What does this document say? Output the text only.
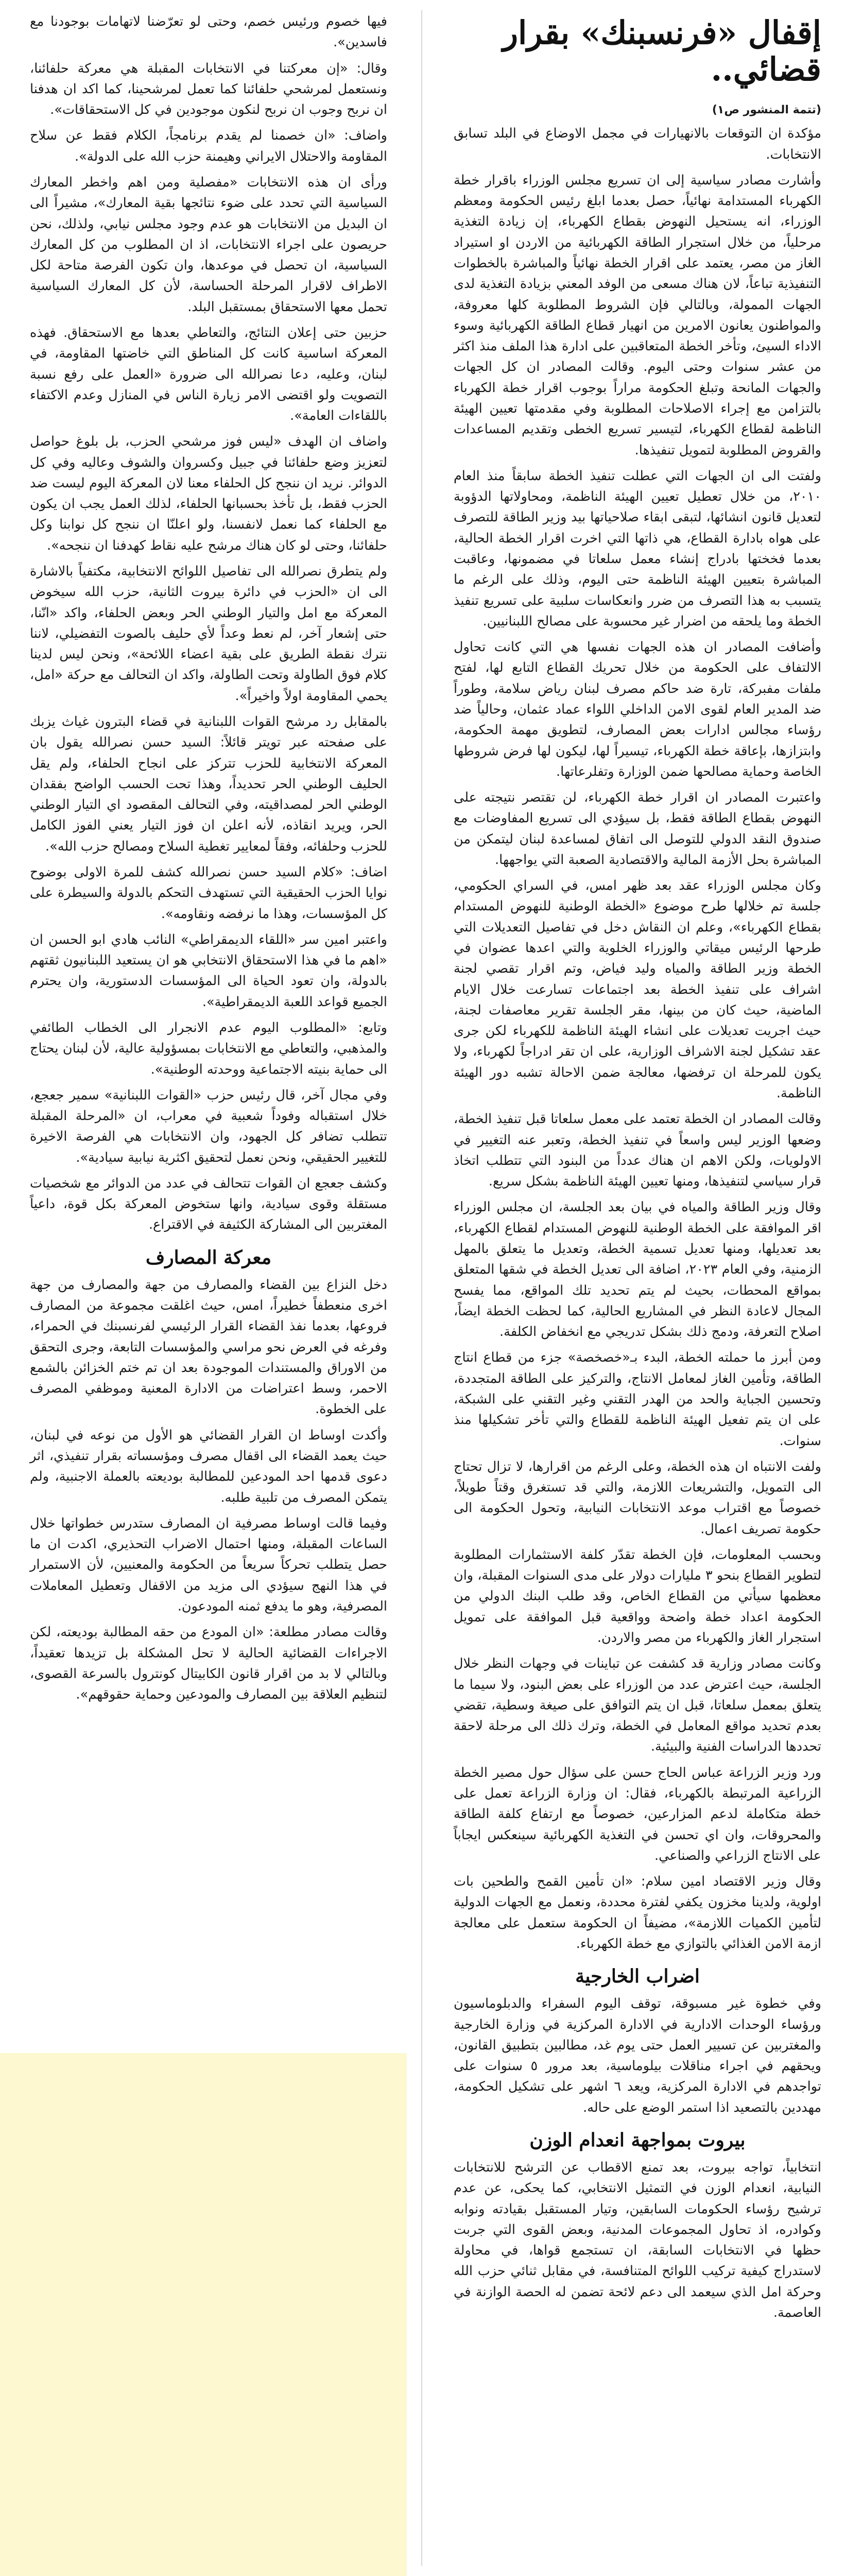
إقفال «فرنسبنك» بقرار قضائي..

(تتمة المنشور ص١)

مؤكدة ان التوقعات بالانهيارات في مجمل الاوضاع في البلد تسابق الانتخابات.

وأشارت مصادر سياسية إلى ان تسريع مجلس الوزراء باقرار خطة الكهرباء المستدامة نهائياً، حصل بعدما ابلغ رئيس الحكومة ومعظم الوزراء، انه يستحيل النهوض بقطاع الكهرباء، إن زيادة التغذية مرحلياً، من خلال استجرار الطاقة الكهربائية من الاردن او استيراد الغاز من مصر، يعتمد على اقرار الخطة نهائياً والمباشرة بالخطوات التنفيذية تباعاً، لان هناك مسعى من الوفد المعني بزيادة التغذية لدى الجهات الممولة، وبالتالي فإن الشروط المطلوبة كلها معروفة، والمواطنون يعانون الامرين من انهيار قطاع الطاقة الكهربائية وسوء الاداء السيئ، وتأخر الخطة المتعاقبين على ادارة هذا الملف منذ اكثر من عشر سنوات وحتى اليوم. وقالت المصادر ان كل الجهات والجهات المانحة وتبلغ الحكومة مراراً بوجوب اقرار خطة الكهرباء بالتزامن مع إجراء الاصلاحات المطلوبة وفي مقدمتها تعيين الهيئة الناظمة لقطاع الكهرباء، لتيسير تسريع الخطى وتقديم المساعدات والقروض المطلوبة لتمويل تنفيذها.

ولفتت الى ان الجهات التي عطلت تنفيذ الخطة سابقاً منذ العام ٢٠١٠، من خلال تعطيل تعيين الهيئة الناظمة، ومحاولاتها الدؤوبة لتعديل قانون انشائها، لتبقى ابقاء صلاحياتها بيد وزير الطاقة للتصرف على هواه بادارة القطاع، هي ذاتها التي اخرت اقرار الخطة الحالية، بعدما فخختها بادراج إنشاء معمل سلعاتا في مضمونها، وعاقبت المباشرة بتعيين الهيئة الناظمة حتى اليوم، وذلك على الرغم ما يتسبب به هذا التصرف من ضرر وانعكاسات سلبية على تسريع تنفيذ الخطة وما يلحقه من اضرار غير محسوبة على مصالح اللبنانيين.

وأضافت المصادر ان هذه الجهات نفسها هي التي كانت تحاول الالتفاف على الحكومة من خلال تحريك القطاع التابع لها، لفتح ملفات مفبركة، تارة ضد حاكم مصرف لبنان رياض سلامة، وطوراً ضد المدير العام لقوى الامن الداخلي اللواء عماد عثمان، وحالياً ضد رؤساء مجالس ادارات بعض المصارف، لتطويق مهمة الحكومة، وابتزازها، بإعاقة خطة الكهرباء، تيسيراً لها، ليكون لها فرض شروطها الخاصة وحماية مصالحها ضمن الوزارة وتفلرعاتها.

واعتبرت المصادر ان اقرار خطة الكهرباء، لن تقتصر نتيجته على النهوض بقطاع الطاقة فقط، بل سيؤدي الى تسريع المفاوضات مع صندوق النقد الدولي للتوصل الى اتفاق لمساعدة لبنان ليتمكن من المباشرة بحل الأزمة المالية والاقتصادية الصعبة التي يواجهها.

وكان مجلس الوزراء عقد بعد ظهر امس، في السراي الحكومي، جلسة تم خلالها طرح موضوع «الخطة الوطنية للنهوض المستدام بقطاع الكهرباء»، وعلم ان النقاش دخل في تفاصيل التعديلات التي طرحها الرئيس ميقاتي والوزراء الخلوية والتي اعدها عضوان في الخطة وزير الطاقة والمياه وليد فياض، وتم اقرار تقصي لجنة اشراف على تنفيذ الخطة بعد اجتماعات تسارعت خلال الايام الماضية، حيث كان من بينها، مقر الجلسة تقرير معاصفات لجنة، حيث اجريت تعديلات على انشاء الهيئة الناظمة للكهرباء لكن جرى عقد تشكيل لجنة الاشراف الوزارية، على ان تقر ادراجاً لكهرباء، ولا يكون للمرحلة ان ترفضها، معالجة ضمن الاحالة تشبه دور الهيئة الناظمة.

وقالت المصادر ان الخطة تعتمد على معمل سلعاتا قبل تنفيذ الخطة، وضعها الوزير ليس واسعاً في تنفيذ الخطة، وتعبر عنه التغيير في الاولويات، ولكن الاهم ان هناك عدداً من البنود التي تتطلب اتخاذ قرار سياسي لتنفيذها، ومنها تعيين الهيئة الناظمة بشكل سريع.

وقال وزير الطاقة والمياه في بيان بعد الجلسة، ان مجلس الوزراء اقر الموافقة على الخطة الوطنية للنهوض المستدام لقطاع الكهرباء، بعد تعديلها، ومنها تعديل تسمية الخطة، وتعديل ما يتعلق بالمهل الزمنية، وفي العام ٢٠٢٣، اضافة الى تعديل الخطة في شقها المتعلق بمواقع المحطات، بحيث لم يتم تحديد تلك المواقع، مما يفسح المجال لاعادة النظر في المشاريع الحالية، كما لحظت الخطة ايضاً، اصلاح التعرفة، ودمج ذلك بشكل تدريجي مع انخفاض الكلفة.

ومن أبرز ما حملته الخطة، البدء بـ«خصخصة» جزء من قطاع انتاج الطاقة، وتأمين الغاز لمعامل الانتاج، والتركيز على الطاقة المتجددة، وتحسين الجباية والحد من الهدر التقني وغير التقني على الشبكة، على ان يتم تفعيل الهيئة الناظمة للقطاع والتي تأخر تشكيلها منذ سنوات.

ولفت الانتباه ان هذه الخطة، وعلى الرغم من اقرارها، لا تزال تحتاج الى التمويل، والتشريعات اللازمة، والتي قد تستغرق وقتاً طويلاً، خصوصاً مع اقتراب موعد الانتخابات النيابية، وتحول الحكومة الى حكومة تصريف اعمال.

وبحسب المعلومات، فإن الخطة تقدّر كلفة الاستثمارات المطلوبة لتطوير القطاع بنحو ٣ مليارات دولار على مدى السنوات المقبلة، وان معظمها سيأتي من القطاع الخاص، وقد طلب البنك الدولي من الحكومة اعداد خطة واضحة وواقعية قبل الموافقة على تمويل استجرار الغاز والكهرباء من مصر والاردن.

وكانت مصادر وزارية قد كشفت عن تباينات في وجهات النظر خلال الجلسة، حيث اعترض عدد من الوزراء على بعض البنود، ولا سيما ما يتعلق بمعمل سلعاتا، قبل ان يتم التوافق على صيغة وسطية، تقضي بعدم تحديد مواقع المعامل في الخطة، وترك ذلك الى مرحلة لاحقة تحددها الدراسات الفنية والبيئية.

ورد وزير الزراعة عباس الحاج حسن على سؤال حول مصير الخطة الزراعية المرتبطة بالكهرباء، فقال: ان وزارة الزراعة تعمل على خطة متكاملة لدعم المزارعين، خصوصاً مع ارتفاع كلفة الطاقة والمحروقات، وان اي تحسن في التغذية الكهربائية سينعكس ايجاباً على الانتاج الزراعي والصناعي.

وقال وزير الاقتصاد امين سلام: «ان تأمين القمح والطحين بات اولوية، ولدينا مخزون يكفي لفترة محددة، ونعمل مع الجهات الدولية لتأمين الكميات اللازمة»، مضيفاً ان الحكومة ستعمل على معالجة ازمة الامن الغذائي بالتوازي مع خطة الكهرباء.

اضراب الخارجية

وفي خطوة غير مسبوقة، توقف اليوم السفراء والدبلوماسيون ورؤساء الوحدات الادارية في الادارة المركزية في وزارة الخارجية والمغتربين عن تسيير العمل حتى يوم غد، مطالبين بتطبيق القانون، ويحقهم في اجراء مناقلات بيلوماسية، بعد مرور ٥ سنوات على تواجدهم في الادارة المركزية، ويعد ٦ اشهر على تشكيل الحكومة، مهددين بالتصعيد اذا استمر الوضع على حاله.

بيروت بمواجهة انعدام الوزن

انتخابياً، تواجه بيروت، بعد تمنع الاقطاب عن الترشح للانتخابات النيابية، انعدام الوزن في التمثيل الانتخابي، كما يحكى، عن عدم ترشيح رؤساء الحكومات السابقين، وتيار المستقبل بقيادته ونوابه وكوادره، اذ تحاول المجموعات المدنية، وبعض القوى التي جربت حظها في الانتخابات السابقة، ان تستجمع قواها، في محاولة لاستدراج كيفية تركيب اللوائح المتنافسة، في مقابل ثنائي حزب الله وحركة امل الذي سيعمد الى دعم لائحة تضمن له الحصة الوازنة في العاصمة.

فيها خصوم ورئيس خصم، وحتى لو تعرّضنا لاتهامات بوجودنا مع فاسدين».

وقال: «إن معركتنا في الانتخابات المقبلة هي معركة حلفائنا، ونستعمل لمرشحي حلفائنا كما تعمل لمرشحينا، كما اكد ان هدفنا ان نربح وجوب ان نربح لنكون موجودين في كل الاستحقاقات».

واضاف: «ان خصمنا لم يقدم برنامجاً، الكلام فقط عن سلاح المقاومة والاحتلال الايراني وهيمنة حزب الله على الدولة».

ورأى ان هذه الانتخابات «مفصلية ومن اهم واخطر المعارك السياسية التي تحدد على ضوء نتائجها بقية المعارك»، مشيراً الى ان البديل من الانتخابات هو عدم وجود مجلس نيابي، ولذلك، نحن حريصون على اجراء الانتخابات، اذ ان المطلوب من كل المعارك السياسية، ان تحصل في موعدها، وان تكون الفرصة متاحة لكل الاطراف لاقرار المرحلة الحساسة، لأن كل المعارك السياسية تحمل معها الاستحقاق بمستقبل البلد.

حزبين حتى إعلان النتائج، والتعاطي بعدها مع الاستحقاق. فهذه المعركة اساسية كانت كل المناطق التي خاضتها المقاومة، في لبنان، وعليه، دعا نصرالله الى ضرورة «العمل على رفع نسبة التصويت ولو اقتضى الامر زيارة الناس في المنازل وعدم الاكتفاء باللقاءات العامة».

واضاف ان الهدف «ليس فوز مرشحي الحزب، بل بلوغ حواصل لتعزيز وضع حلفائنا في جبيل وكسروان والشوف وعاليه وفي كل الدوائر. نريد ان ننجح كل الحلفاء معنا لان المعركة اليوم ليست ضد الحزب فقط، بل تأخذ بحسبانها الحلفاء، لذلك العمل يجب ان يكون مع الحلفاء كما نعمل لانفسنا، ولو اعلنّا ان ننجح كل نوابنا وكل حلفائنا، وحتى لو كان هناك مرشح عليه نقاط كهدفنا ان ننجحه».

ولم يتطرق نصرالله الى تفاصيل اللوائح الانتخابية، مكتفياً بالاشارة الى ان «الحزب في دائرة بيروت الثانية، حزب الله سيخوض المعركة مع امل والتيار الوطني الحر وبعض الحلفاء، واكد «انّنا، حتى إشعار آخر، لم نعط وعداً لأي حليف بالصوت التفضيلي، لاننا نترك نقطة الطريق على بقية اعضاء اللائحة»، ونحن ليس لدينا كلام فوق الطاولة وتحت الطاولة، واكد ان التحالف مع حركة «امل، يحمي المقاومة اولاً واخيراً».

بالمقابل رد مرشح القوات اللبنانية في قضاء البترون غياث يزبك على صفحته عبر تويتر قائلاً: السيد حسن نصرالله يقول بان المعركة الانتخابية للحزب تتركز على انجاح الحلفاء، ولم يقل الحليف الوطني الحر تحديداً، وهذا تحت الحسب الواضح بفقدان الوطني الحر لمصداقيته، وفي التحالف المقصود اي التيار الوطني الحر، ويريد انقاذه، لأنه اعلن ان فوز التيار يعني الفوز الكامل للحزب وحلفائه، وفقاً لمعايير تغطية السلاح ومصالح حزب الله».

اضاف: «كلام السيد حسن نصرالله كشف للمرة الاولى بوضوح نوايا الحزب الحقيقية التي تستهدف التحكم بالدولة والسيطرة على كل المؤسسات، وهذا ما نرفضه ونقاومه».

واعتبر امين سر «اللقاء الديمقراطي» النائب هادي ابو الحسن ان «اهم ما في هذا الاستحقاق الانتخابي هو ان يستعيد اللبنانيون ثقتهم بالدولة، وان تعود الحياة الى المؤسسات الدستورية، وان يحترم الجميع قواعد اللعبة الديمقراطية».

وتابع: «المطلوب اليوم عدم الانجرار الى الخطاب الطائفي والمذهبي، والتعاطي مع الانتخابات بمسؤولية عالية، لأن لبنان يحتاج الى حماية بنيته الاجتماعية ووحدته الوطنية».

وفي مجال آخر، قال رئيس حزب «القوات اللبنانية» سمير جعجع، خلال استقباله وفوداً شعبية في معراب، ان «المرحلة المقبلة تتطلب تضافر كل الجهود، وان الانتخابات هي الفرصة الاخيرة للتغيير الحقيقي، ونحن نعمل لتحقيق اكثرية نيابية سيادية».

وكشف جعجع ان القوات تتحالف في عدد من الدوائر مع شخصيات مستقلة وقوى سيادية، وانها ستخوض المعركة بكل قوة، داعياً المغتربين الى المشاركة الكثيفة في الاقتراع.

معركة المصارف

دخل النزاع بين القضاء والمصارف من جهة والمصارف من جهة اخرى منعطفاً خطيراً، امس، حيث اغلقت مجموعة من المصارف فروعها، بعدما نفذ القضاء القرار الرئيسي لفرنسبنك في الحمراء، وفرغه في العرض نحو مراسي والمؤسسات التابعة، وجرى التحقق من الاوراق والمستندات الموجودة بعد ان تم ختم الخزائن بالشمع الاحمر، وسط اعتراضات من الادارة المعنية وموظفي المصرف على الخطوة.

وأكدت اوساط ان القرار القضائي هو الأول من نوعه في لبنان، حيث يعمد القضاء الى اقفال مصرف ومؤسساته بقرار تنفيذي، اثر دعوى قدمها احد المودعين للمطالبة بوديعته بالعملة الاجنبية، ولم يتمكن المصرف من تلبية طلبه.

وفيما قالت اوساط مصرفية ان المصارف ستدرس خطواتها خلال الساعات المقبلة، ومنها احتمال الاضراب التحذيري، اكدت ان ما حصل يتطلب تحركاً سريعاً من الحكومة والمعنيين، لأن الاستمرار في هذا النهج سيؤدي الى مزيد من الاقفال وتعطيل المعاملات المصرفية، وهو ما يدفع ثمنه المودعون.

وقالت مصادر مطلعة: «ان المودع من حقه المطالبة بوديعته، لكن الاجراءات القضائية الحالية لا تحل المشكلة بل تزيدها تعقيداً، وبالتالي لا بد من اقرار قانون الكابيتال كونترول بالسرعة القصوى، لتنظيم العلاقة بين المصارف والمودعين وحماية حقوقهم».
